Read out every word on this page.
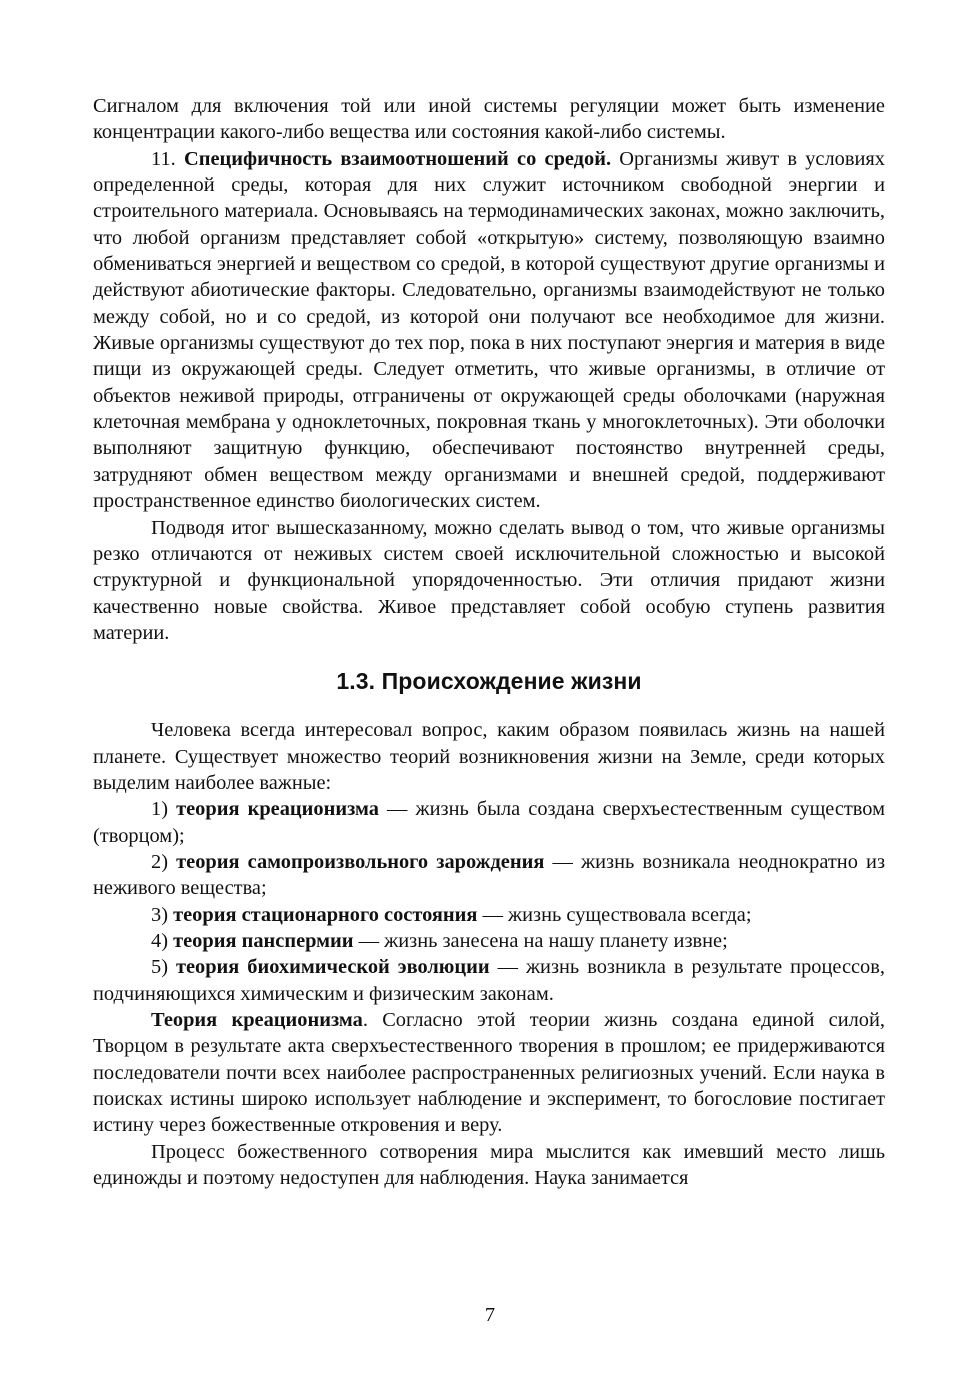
Сигналом для включения той или иной системы регуляции может быть изменение концентрации какого-либо вещества или состояния какой-либо системы.

11. Специфичность взаимоотношений со средой. Организмы живут в условиях определенной среды, которая для них служит источником свободной энергии и строительного материала. Основываясь на термодинамических законах, можно заключить, что любой организм представляет собой «открытую» систему, позволяющую взаимно обмениваться энергией и веществом со средой, в которой существуют другие организмы и действуют абиотические факторы. Следовательно, организмы взаимодействуют не только между собой, но и со средой, из которой они получают все необходимое для жизни. Живые организмы существуют до тех пор, пока в них поступают энергия и материя в виде пищи из окружающей среды. Следует отметить, что живые организмы, в отличие от объектов неживой природы, отграничены от окружающей среды оболочками (наружная клеточная мембрана у одноклеточных, покровная ткань у многоклеточных). Эти оболочки выполняют защитную функцию, обеспечивают постоянство внутренней среды, затрудняют обмен веществом между организмами и внешней средой, поддерживают пространственное единство биологических систем.

Подводя итог вышесказанному, можно сделать вывод о том, что живые организмы резко отличаются от неживых систем своей исключительной сложностью и высокой структурной и функциональной упорядоченностью. Эти отличия придают жизни качественно новые свойства. Живое представляет собой особую ступень развития материи.

1.3. Происхождение жизни

Человека всегда интересовал вопрос, каким образом появилась жизнь на нашей планете. Существует множество теорий возникновения жизни на Земле, среди которых выделим наиболее важные:

1) теория креационизма — жизнь была создана сверхъестественным существом (творцом);

2) теория самопроизвольного зарождения — жизнь возникала неоднократно из неживого вещества;

3) теория стационарного состояния — жизнь существовала всегда;

4) теория панспермии — жизнь занесена на нашу планету извне;

5) теория биохимической эволюции — жизнь возникла в результате процессов, подчиняющихся химическим и физическим законам.

Теория креационизма. Согласно этой теории жизнь создана единой силой, Творцом в результате акта сверхъестественного творения в прошлом; ее придерживаются последователи почти всех наиболее распространенных религиозных учений. Если наука в поисках истины широко использует наблюдение и эксперимент, то богословие постигает истину через божественные откровения и веру.

Процесс божественного сотворения мира мыслится как имевший место лишь единожды и поэтому недоступен для наблюдения. Наука занимается

7
